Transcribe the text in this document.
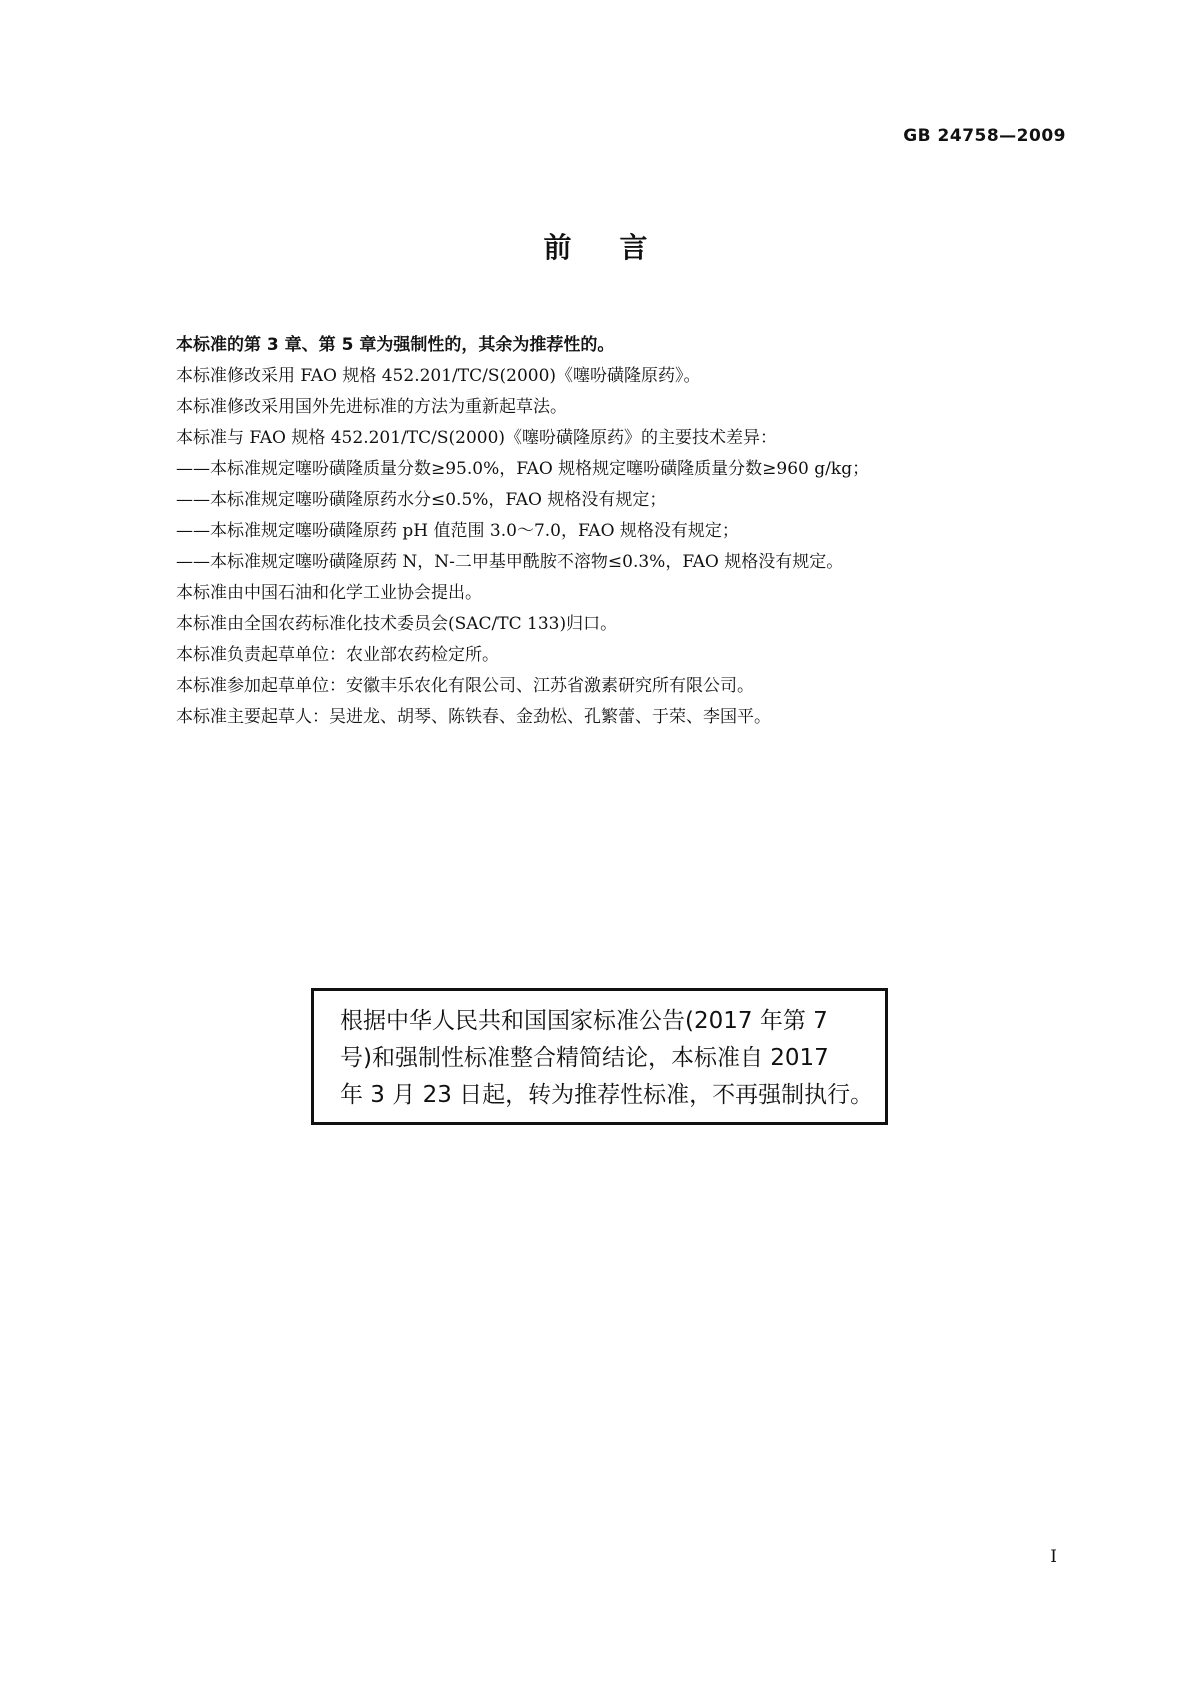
GB 24758—2009

前言

本标准的第 3 章、第 5 章为强制性的，其余为推荐性的。

本标准修改采用 FAO 规格 452.201/TC/S(2000)《噻吩磺隆原药》。

本标准修改采用国外先进标准的方法为重新起草法。

本标准与 FAO 规格 452.201/TC/S(2000)《噻吩磺隆原药》的主要技术差异：

——本标准规定噻吩磺隆质量分数≥95.0%，FAO 规格规定噻吩磺隆质量分数≥960 g/kg；

——本标准规定噻吩磺隆原药水分≤0.5%，FAO 规格没有规定；

——本标准规定噻吩磺隆原药 pH 值范围 3.0～7.0，FAO 规格没有规定；

——本标准规定噻吩磺隆原药 N，N-二甲基甲酰胺不溶物≤0.3%，FAO 规格没有规定。

本标准由中国石油和化学工业协会提出。

本标准由全国农药标准化技术委员会(SAC/TC 133)归口。

本标准负责起草单位：农业部农药检定所。

本标准参加起草单位：安徽丰乐农化有限公司、江苏省激素研究所有限公司。

本标准主要起草人：吴进龙、胡琴、陈铁春、金劲松、孔繁蕾、于荣、李国平。

根据中华人民共和国国家标准公告(2017 年第 7

号)和强制性标准整合精简结论，本标准自 2017

年 3 月 23 日起，转为推荐性标准，不再强制执行。

I
